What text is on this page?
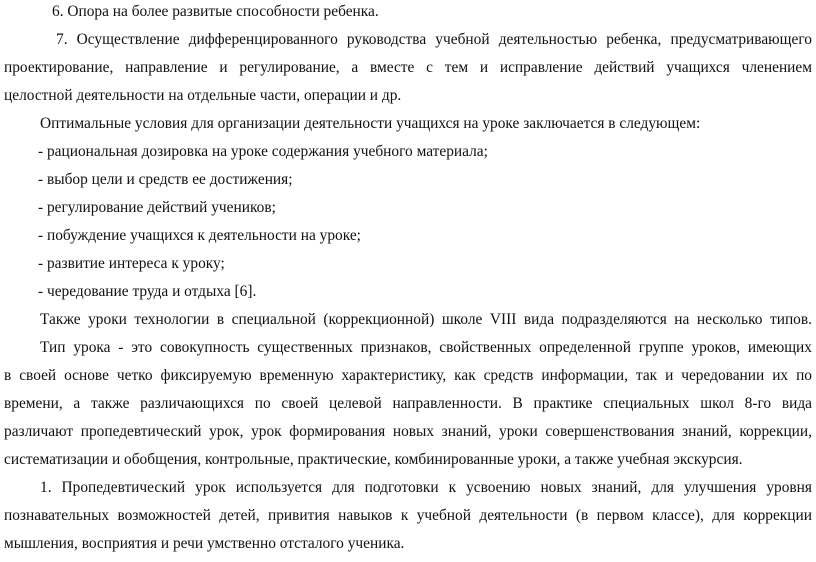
6. Опора на более развитые способности ребенка.
7. Осуществление дифференцированного руководства учебной деятельностью ребенка, предусматривающего
проектирование, направление и регулирование, а вместе с тем и исправление действий учащихся членением
целостной деятельности на отдельные части, операции и др.
Оптимальные условия для организации деятельности учащихся на уроке заключается в следующем:
- рациональная дозировка на уроке содержания учебного материала;
- выбор цели и средств ее достижения;
- регулирование действий учеников;
- побуждение учащихся к деятельности на уроке;
- развитие интереса к уроку;
- чередование труда и отдыха [6].
Также уроки технологии в специальной (коррекционной) школе VIII вида подразделяются на несколько типов.
Тип урока - это совокупность существенных признаков, свойственных определенной группе уроков, имеющих
в своей основе четко фиксируемую временную характеристику, как средств информации, так и чередовании их по
времени, а также различающихся по своей целевой направленности. В практике специальных школ 8-го вида
различают пропедевтический урок, урок формирования новых знаний, уроки совершенствования знаний, коррекции,
систематизации и обобщения, контрольные, практические, комбинированные уроки, а также учебная экскурсия.
1. Пропедевтический урок используется для подготовки к усвоению новых знаний, для улучшения уровня
познавательных возможностей детей, привития навыков к учебной деятельности (в первом классе), для коррекции
мышления, восприятия и речи умственно отсталого ученика.
